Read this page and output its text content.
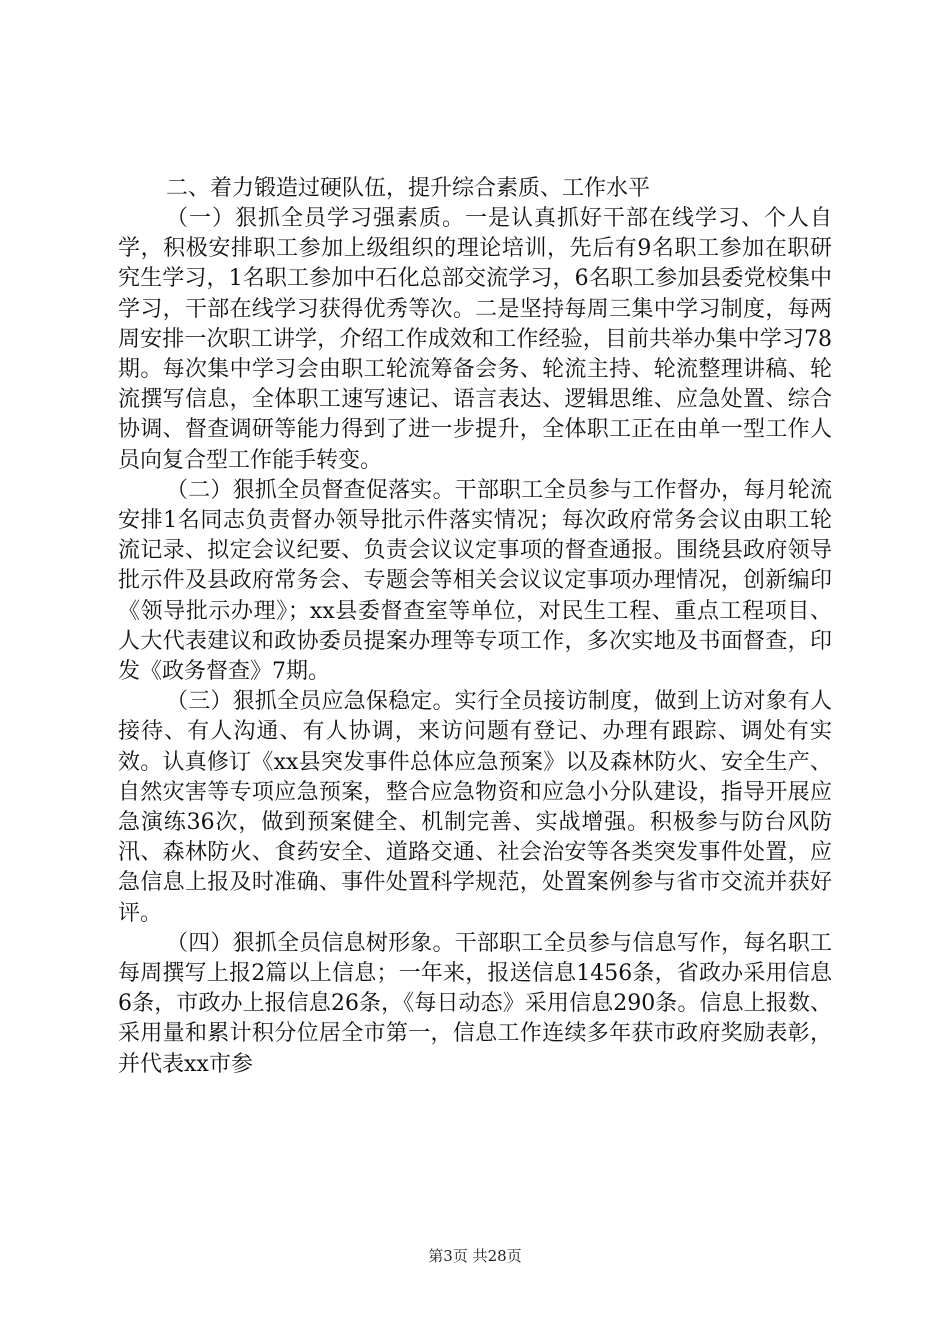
二、着力锻造过硬队伍，提升综合素质、工作水平

（一）狠抓全员学习强素质。一是认真抓好干部在线学习、个人自学，积极安排职工参加上级组织的理论培训，先后有9名职工参加在职研究生学习，1名职工参加中石化总部交流学习，6名职工参加县委党校集中学习，干部在线学习获得优秀等次。二是坚持每周三集中学习制度，每两周安排一次职工讲学，介绍工作成效和工作经验，目前共举办集中学习78期。每次集中学习会由职工轮流筹备会务、轮流主持、轮流整理讲稿、轮流撰写信息，全体职工速写速记、语言表达、逻辑思维、应急处置、综合协调、督查调研等能力得到了进一步提升，全体职工正在由单一型工作人员向复合型工作能手转变。

（二）狠抓全员督查促落实。干部职工全员参与工作督办，每月轮流安排1名同志负责督办领导批示件落实情况；每次政府常务会议由职工轮流记录、拟定会议纪要、负责会议议定事项的督查通报。围绕县政府领导批示件及县政府常务会、专题会等相关会议议定事项办理情况，创新编印《领导批示办理》；xx县委督查室等单位，对民生工程、重点工程项目、人大代表建议和政协委员提案办理等专项工作，多次实地及书面督查，印发《政务督查》7期。

（三）狠抓全员应急保稳定。实行全员接访制度，做到上访对象有人接待、有人沟通、有人协调，来访问题有登记、办理有跟踪、调处有实效。认真修订《xx县突发事件总体应急预案》以及森林防火、安全生产、自然灾害等专项应急预案，整合应急物资和应急小分队建设，指导开展应急演练36次，做到预案健全、机制完善、实战增强。积极参与防台风防汛、森林防火、食药安全、道路交通、社会治安等各类突发事件处置，应急信息上报及时准确、事件处置科学规范，处置案例参与省市交流并获好评。

（四）狠抓全员信息树形象。干部职工全员参与信息写作，每名职工每周撰写上报2篇以上信息；一年来，报送信息1456条，省政办采用信息6条，市政办上报信息26条，《每日动态》采用信息290条。信息上报数、采用量和累计积分位居全市第一，信息工作连续多年获市政府奖励表彰，并代表xx市参

第3页 共28页
